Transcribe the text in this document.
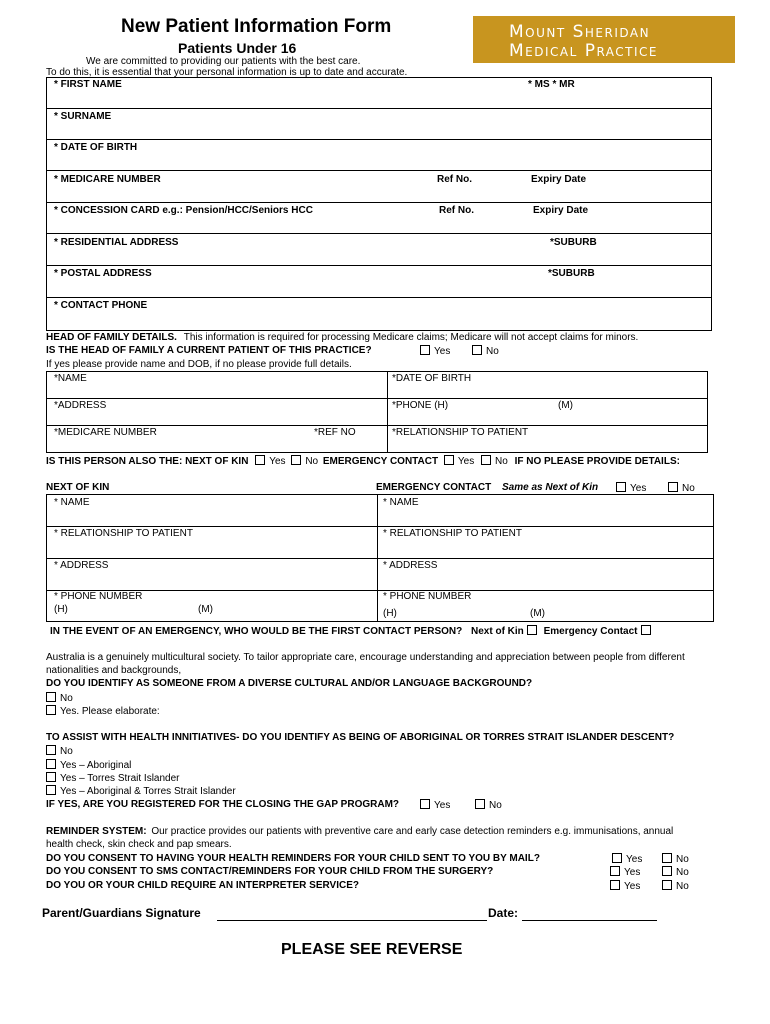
New Patient Information Form
Patients Under 16
We are committed to providing our patients with the best care.
To do this, it is essential that your personal information is up to date and accurate.
Mount Sheridan
Medical Practice
* FIRST NAME	* MS * MR
* SURNAME
* DATE OF BIRTH
* MEDICARE NUMBER	Ref No.	Expiry Date
* CONCESSION CARD e.g.: Pension/HCC/Seniors HCC	Ref No.	Expiry Date
* RESIDENTIAL ADDRESS	*SUBURB
* POSTAL ADDRESS	*SUBURB
* CONTACT PHONE
HEAD OF FAMILY DETAILS. This information is required for processing Medicare claims; Medicare will not accept claims for minors.
IS THE HEAD OF FAMILY A CURRENT PATIENT OF THIS PRACTICE?	Yes	No
If yes please provide name and DOB, if no please provide full details.
*NAME	*DATE OF BIRTH
*ADDRESS	*PHONE (H)	(M)
*MEDICARE NUMBER	*REF NO	*RELATIONSHIP TO PATIENT
IS THIS PERSON ALSO THE: NEXT OF KIN Yes No EMERGENCY CONTACT Yes No IF NO PLEASE PROVIDE DETAILS:
NEXT OF KIN	EMERGENCY CONTACT Same as Next of Kin	Yes	No
* NAME	* NAME
* RELATIONSHIP TO PATIENT	* RELATIONSHIP TO PATIENT
* ADDRESS	* ADDRESS
* PHONE NUMBER	* PHONE NUMBER
(H)	(M)	(H)	(M)
IN THE EVENT OF AN EMERGENCY, WHO WOULD BE THE FIRST CONTACT PERSON? Next of Kin Emergency Contact
Australia is a genuinely multicultural society. To tailor appropriate care, encourage understanding and appreciation between people from different
nationalities and backgrounds,
DO YOU IDENTIFY AS SOMEONE FROM A DIVERSE CULTURAL AND/OR LANGUAGE BACKGROUND?
No
Yes. Please elaborate:
TO ASSIST WITH HEALTH INNITIATIVES- DO YOU IDENTIFY AS BEING OF ABORIGINAL OR TORRES STRAIT ISLANDER DESCENT?
No
Yes – Aboriginal
Yes – Torres Strait Islander
Yes – Aboriginal & Torres Strait Islander
IF YES, ARE YOU REGISTERED FOR THE CLOSING THE GAP PROGRAM?	Yes	No
REMINDER SYSTEM: Our practice provides our patients with preventive care and early case detection reminders e.g. immunisations, annual
health check, skin check and pap smears.
DO YOU CONSENT TO HAVING YOUR HEALTH REMINDERS FOR YOUR CHILD SENT TO YOU BY MAIL?	Yes	No
DO YOU CONSENT TO SMS CONTACT/REMINDERS FOR YOUR CHILD FROM THE SURGERY?	Yes	No
DO YOU OR YOUR CHILD REQUIRE AN INTERPRETER SERVICE?	Yes	No
Parent/Guardians Signature	Date:
PLEASE SEE REVERSE
